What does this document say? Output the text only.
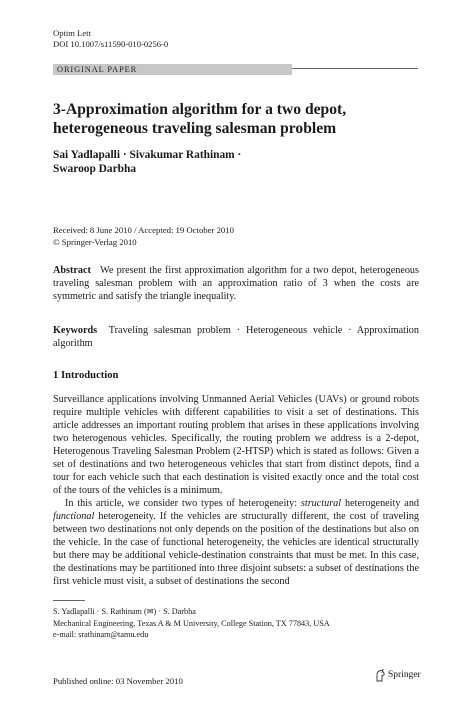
Optim Lett
DOI 10.1007/s11590-010-0256-0
ORIGINAL PAPER
3-Approximation algorithm for a two depot, heterogeneous traveling salesman problem
Sai Yadlapalli · Sivakumar Rathinam ·
Swaroop Darbha
Received: 8 June 2010 / Accepted: 19 October 2010
© Springer-Verlag 2010
Abstract We present the first approximation algorithm for a two depot, heterogeneous traveling salesman problem with an approximation ratio of 3 when the costs are symmetric and satisfy the triangle inequality.
Keywords Traveling salesman problem · Heterogeneous vehicle · Approximation algorithm
1 Introduction

Surveillance applications involving Unmanned Aerial Vehicles (UAVs) or ground robots require multiple vehicles with different capabilities to visit a set of destinations. This article addresses an important routing problem that arises in these applications involving two heterogenous vehicles. Specifically, the routing problem we address is a 2-depot, Heterogenous Traveling Salesman Problem (2-HTSP) which is stated as follows: Given a set of destinations and two heterogeneous vehicles that start from distinct depots, find a tour for each vehicle such that each destination is visited exactly once and the total cost of the tours of the vehicles is a minimum.

In this article, we consider two types of heterogeneity: structural heterogeneity and functional heterogeneity. If the vehicles are structurally different, the cost of traveling between two destinations not only depends on the position of the destinations but also on the vehicle. In the case of functional heterogeneity, the vehicles are identical structurally but there may be additional vehicle-destination constraints that must be met. In this case, the destinations may be partitioned into three disjoint subsets: a subset of destinations the first vehicle must visit, a subset of destinations the second

S. Yadlapalli · S. Rathinam (✉) · S. Darbha
Mechanical Engineering, Texas A & M University, College Station, TX 77843, USA
e-mail: srathinam@tamu.edu
Published online: 03 November 2010
Springer
